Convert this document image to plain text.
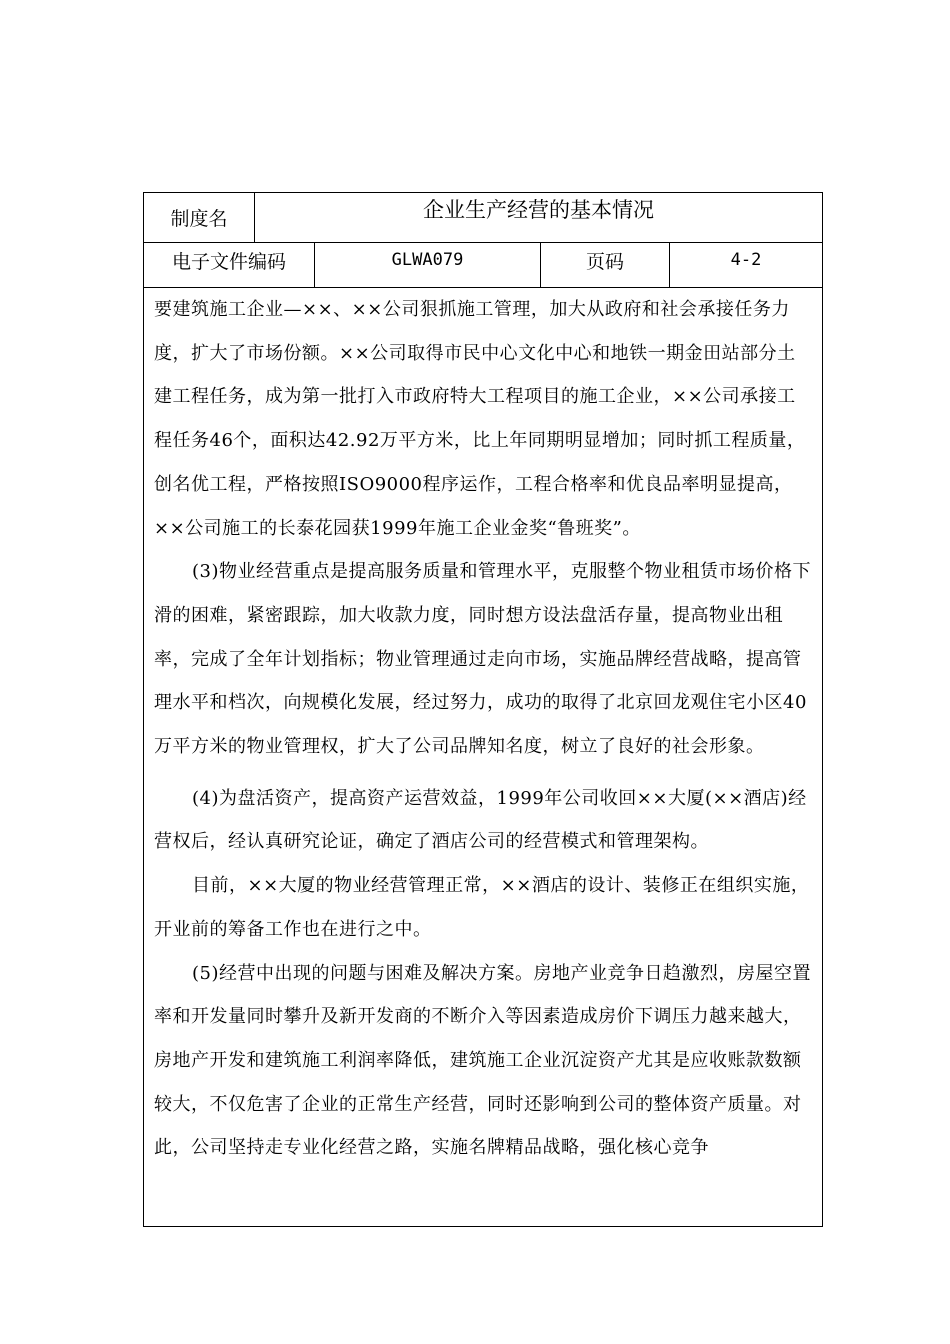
制度名	企业生产经营的基本情况
电子文件编码	GLWA079	页码	4-2

要建筑施工企业—××、××公司狠抓施工管理，加大从政府和社会承接任务力度，扩大了市场份额。××公司取得市民中心文化中心和地铁一期金田站部分土建工程任务，成为第一批打入市政府特大工程项目的施工企业，××公司承接工程任务46个，面积达42.92万平方米，比上年同期明显增加；同时抓工程质量，创名优工程，严格按照ISO9000程序运作，工程合格率和优良品率明显提高，××公司施工的长泰花园获1999年施工企业金奖“鲁班奖”。

(3)物业经营重点是提高服务质量和管理水平，克服整个物业租赁市场价格下滑的困难，紧密跟踪，加大收款力度，同时想方设法盘活存量，提高物业出租率，完成了全年计划指标；物业管理通过走向市场，实施品牌经营战略，提高管理水平和档次，向规模化发展，经过努力，成功的取得了北京回龙观住宅小区40万平方米的物业管理权，扩大了公司品牌知名度，树立了良好的社会形象。

(4)为盘活资产，提高资产运营效益，1999年公司收回××大厦(××酒店)经营权后，经认真研究论证，确定了酒店公司的经营模式和管理架构。

目前，××大厦的物业经营管理正常，××酒店的设计、装修正在组织实施，开业前的筹备工作也在进行之中。

(5)经营中出现的问题与困难及解决方案。房地产业竞争日趋激烈，房屋空置率和开发量同时攀升及新开发商的不断介入等因素造成房价下调压力越来越大，房地产开发和建筑施工利润率降低，建筑施工企业沉淀资产尤其是应收账款数额较大，不仅危害了企业的正常生产经营，同时还影响到公司的整体资产质量。对此，公司坚持走专业化经营之路，实施名牌精品战略，强化核心竞争
